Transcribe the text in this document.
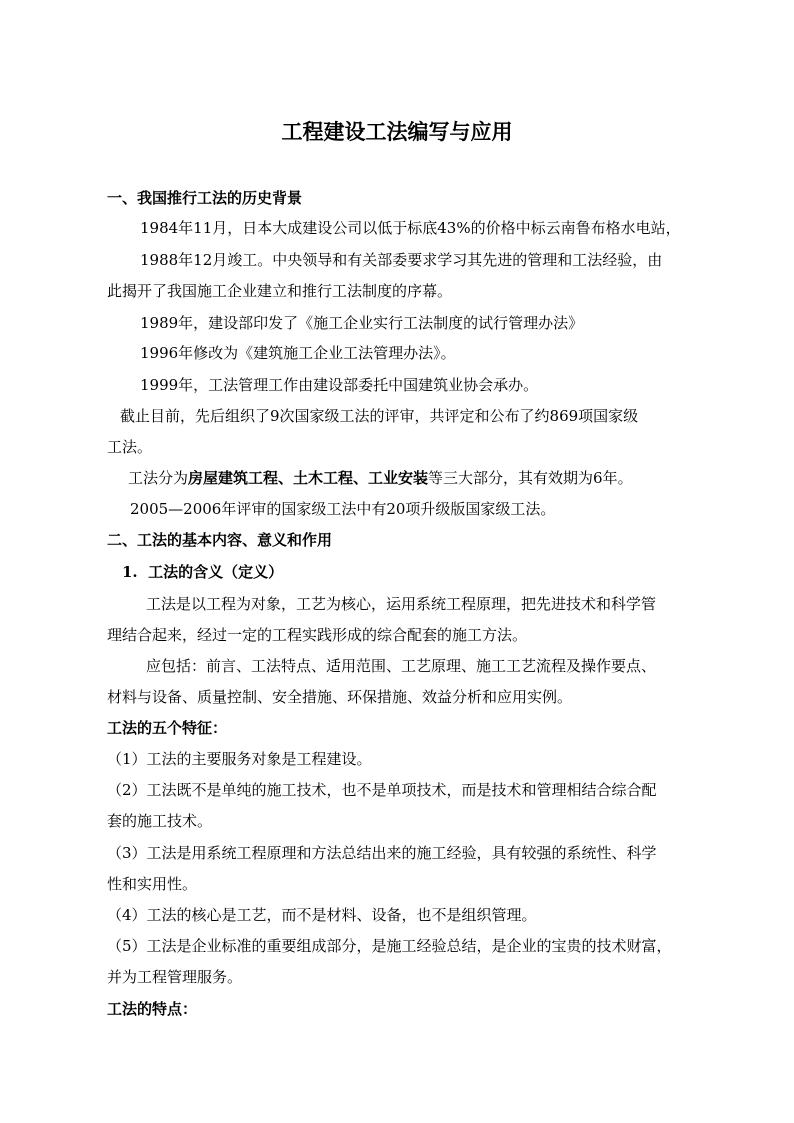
工程建设工法编写与应用
一、我国推行工法的历史背景
1984年11月，日本大成建设公司以低于标底43%的价格中标云南鲁布格水电站，
1988年12月竣工。中央领导和有关部委要求学习其先进的管理和工法经验，由
此揭开了我国施工企业建立和推行工法制度的序幕。
1989年，建设部印发了《施工企业实行工法制度的试行管理办法》
1996年修改为《建筑施工企业工法管理办法》。
1999年，工法管理工作由建设部委托中国建筑业协会承办。
截止目前，先后组织了9次国家级工法的评审，共评定和公布了约869项国家级
工法。
工法分为房屋建筑工程、土木工程、工业安装等三大部分，其有效期为6年。
2005—2006年评审的国家级工法中有20项升级版国家级工法。
二、工法的基本内容、意义和作用
1. 工法的含义（定义）
工法是以工程为对象，工艺为核心，运用系统工程原理，把先进技术和科学管
理结合起来，经过一定的工程实践形成的综合配套的施工方法。
应包括：前言、工法特点、适用范围、工艺原理、施工工艺流程及操作要点、
材料与设备、质量控制、安全措施、环保措施、效益分析和应用实例。
工法的五个特征：
（1）工法的主要服务对象是工程建设。
（2）工法既不是单纯的施工技术，也不是单项技术，而是技术和管理相结合综合配
套的施工技术。
（3）工法是用系统工程原理和方法总结出来的施工经验，具有较强的系统性、科学
性和实用性。
（4）工法的核心是工艺，而不是材料、设备，也不是组织管理。
（5）工法是企业标准的重要组成部分，是施工经验总结，是企业的宝贵的技术财富，
并为工程管理服务。
工法的特点：
